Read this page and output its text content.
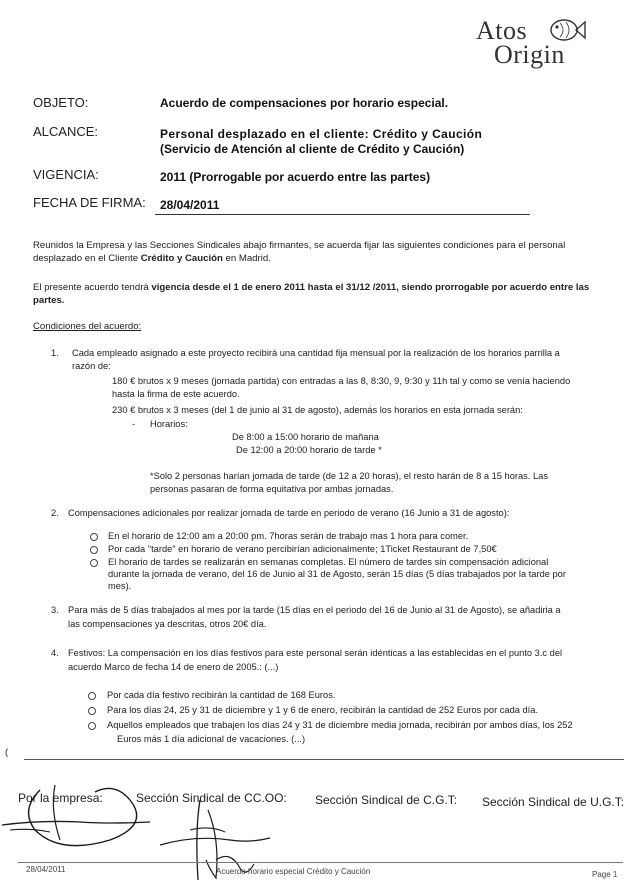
Atos
Origin
OBJETO:	Acuerdo de compensaciones por horario especial.
ALCANCE:	Personal desplazado en el cliente: Crédito y Caución
(Servicio de Atención al cliente de Crédito y Caución)
VIGENCIA:	2011 (Prorrogable por acuerdo entre las partes)
FECHA DE FIRMA: 28/04/2011
Reunidos la Empresa y las Secciones Sindicales abajo firmantes, se acuerda fijar las siguientes condiciones para el personal
desplazado en el Cliente Crédito y Caución en Madrid.
El presente acuerdo tendrá vigencia desde el 1 de enero 2011 hasta el 31/12 /2011, siendo prorrogable por acuerdo entre las
partes.
Condiciones del acuerdo:
1. Cada empleado asignado a este proyecto recibirá una cantidad fija mensual por la realización de los horarios parrilla a
razón de:
180 € brutos x 9 meses (jornada partida) con entradas a las 8, 8:30, 9, 9:30 y 11h tal y como se venía haciendo
hasta la firma de este acuerdo.
230 € brutos x 3 meses (del 1 de junio al 31 de agosto), además los horarios en esta jornada serán:
- Horarios:
De 8:00 a 15:00 horario de mañana
De 12:00 a 20:00 horario de tarde *
*Solo 2 personas harían jornada de tarde (de 12 a 20 horas), el resto harán de 8 a 15 horas. Las
personas pasaran de forma equitativa por ambas jornadas.
2. Compensaciones adicionales por realizar jornada de tarde en periodo de verano (16 Junio a 31 de agosto):
En el horario de 12:00 am a 20:00 pm. 7horas serán de trabajo mas 1 hora para comer.
Por cada "tarde" en horario de verano percibirían adicionalmente; 1Ticket Restaurant de 7,50€
El horario de tardes se realizarán en semanas completas. El número de tardes sin compensación adicional
durante la jornada de verano, del 16 de Junio al 31 de Agosto, serán 15 días (5 días trabajados por la tarde por
mes).
3. Para más de 5 días trabajados al mes por la tarde (15 días en el periodo del 16 de Junio al 31 de Agosto), se añadiria a
las compensaciones ya descritas, otros 20€ día.
4. Festivos: La compensación en los días festivos para este personal serán idénticas a las establecidas en el punto 3.c del
acuerdo Marco de fecha 14 de enero de 2005.: (...)
Por cada día festivo recibirán la cantidad de 168 Euros.
Para los días 24, 25 y 31 de diciembre y 1 y 6 de enero, recibirán la cantidad de 252 Euros por cada día.
Aquellos empleados que trabajen los días 24 y 31 de diciembre media jornada, recibirán por ambos días, los 252
Euros más 1 día adicional de vacaciones. (...)
(
Por la empresa:	Sección Sindical de CC.OO: Sección Sindical de C.G.T: Sección Sindical de U.G.T:
28/04/2011	Acuerdo horario especial Crédito y Caución	Page 1
